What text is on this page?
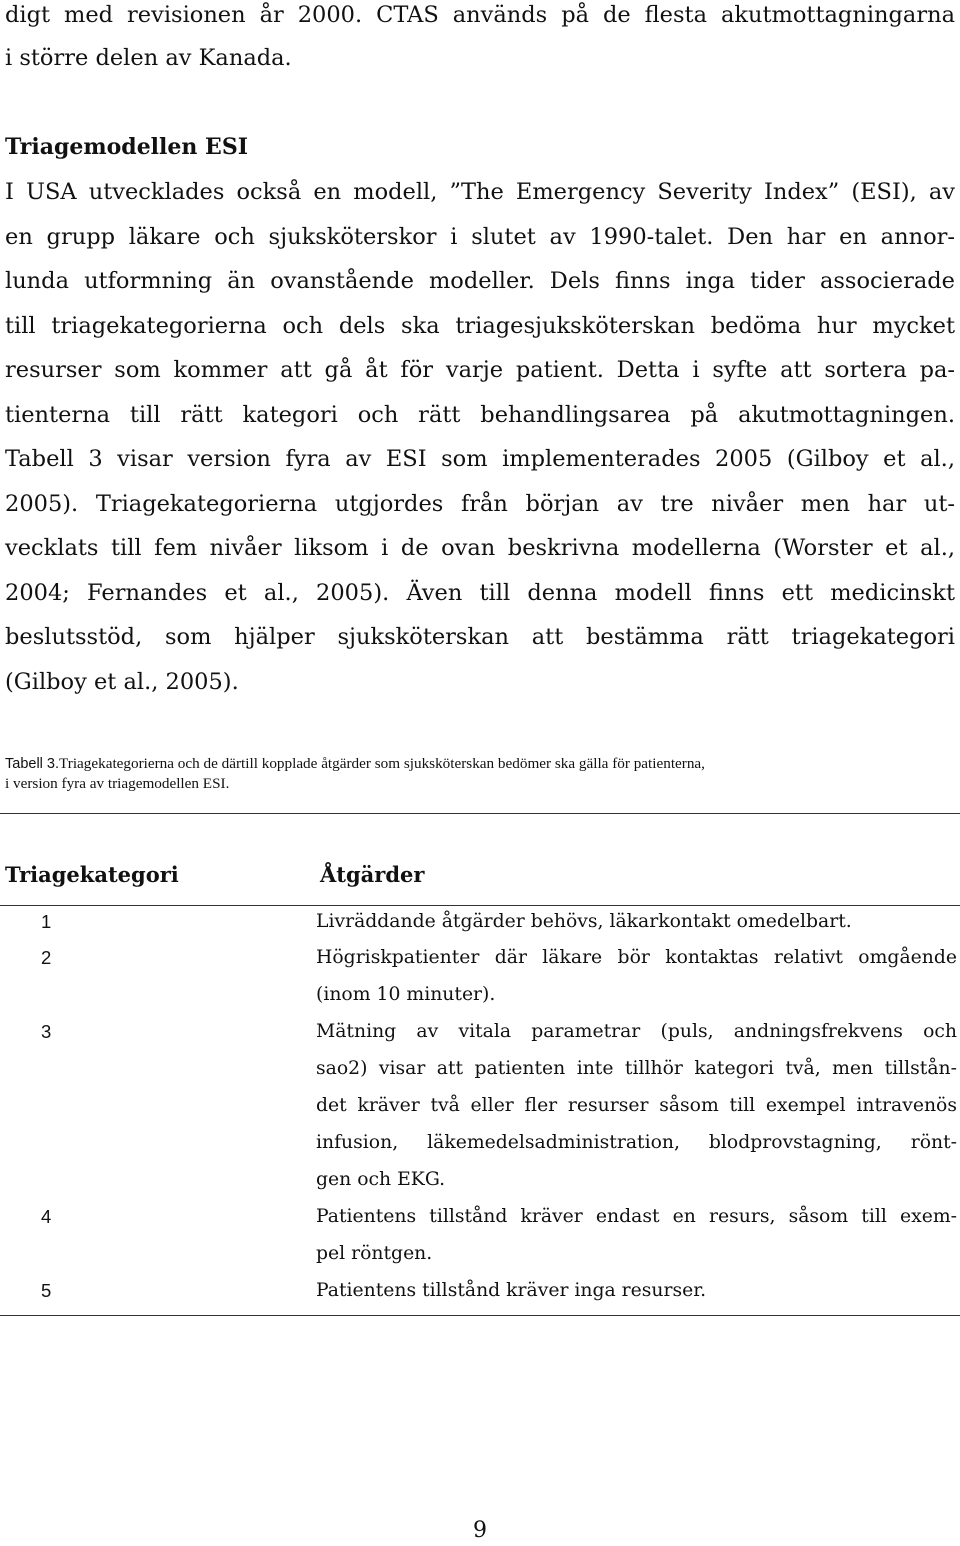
digt med revisionen år 2000. CTAS används på de flesta akutmottagningarna
i större delen av Kanada.
Triagemodellen ESI
I USA utvecklades också en modell, ”The Emergency Severity Index” (ESI), av
en grupp läkare och sjuksköterskor i slutet av 1990-talet. Den har en annor-
lunda utformning än ovanstående modeller. Dels finns inga tider associerade
till triagekategorierna och dels ska triagesjuksköterskan bedöma hur mycket
resurser som kommer att gå åt för varje patient. Detta i syfte att sortera pa-
tienterna till rätt kategori och rätt behandlingsarea på akutmottagningen.
Tabell 3 visar version fyra av ESI som implementerades 2005 (Gilboy et al.,
2005). Triagekategorierna utgjordes från början av tre nivåer men har ut-
vecklats till fem nivåer liksom i de ovan beskrivna modellerna (Worster et al.,
2004; Fernandes et al., 2005). Även till denna modell finns ett medicinskt
beslutsstöd, som hjälper sjuksköterskan att bestämma rätt triagekategori
(Gilboy et al., 2005).
Tabell 3.Triagekategorierna och de därtill kopplade åtgärder som sjuksköterskan bedömer ska gälla för patienterna,
i version fyra av triagemodellen ESI.
Triagekategori	Åtgärder
1	Livräddande åtgärder behövs, läkarkontakt omedelbart.
2	Högriskpatienter där läkare bör kontaktas relativt omgående
(inom 10 minuter).
3	Mätning av vitala parametrar (puls, andningsfrekvens och
sao2) visar att patienten inte tillhör kategori två, men tillstån-
det kräver två eller fler resurser såsom till exempel intravenös
infusion, läkemedelsadministration, blodprovstagning, rönt-
gen och EKG.
4	Patientens tillstånd kräver endast en resurs, såsom till exem-
pel röntgen.
5	Patientens tillstånd kräver inga resurser.
9
